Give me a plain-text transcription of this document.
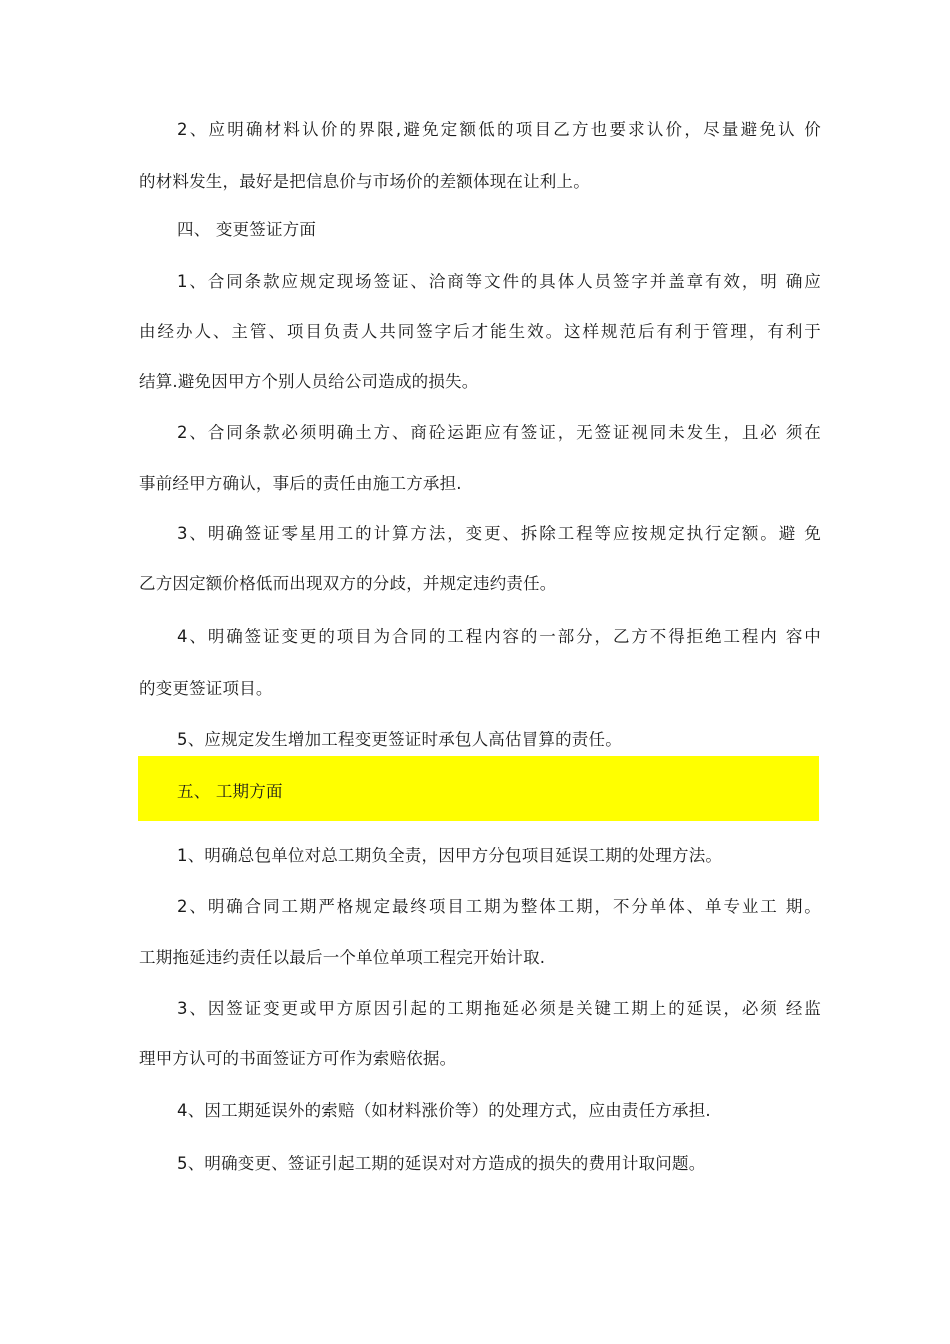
2、应明确材料认价的界限,避免定额低的项目乙方也要求认价，尽量避免认 价
的材料发生，最好是把信息价与市场价的差额体现在让利上。
四、 变更签证方面
1、合同条款应规定现场签证、洽商等文件的具体人员签字并盖章有效，明 确应
由经办人、主管、项目负责人共同签字后才能生效。这样规范后有利于管理，有利于
结算.避免因甲方个别人员给公司造成的损失。
2、合同条款必须明确土方、商砼运距应有签证，无签证视同未发生，且必 须在
事前经甲方确认，事后的责任由施工方承担.
3、明确签证零星用工的计算方法，变更、拆除工程等应按规定执行定额。避 免
乙方因定额价格低而出现双方的分歧，并规定违约责任。
4、明确签证变更的项目为合同的工程内容的一部分，乙方不得拒绝工程内 容中
的变更签证项目。
5、应规定发生增加工程变更签证时承包人高估冒算的责任。
五、 工期方面
1、明确总包单位对总工期负全责，因甲方分包项目延误工期的处理方法。
2、明确合同工期严格规定最终项目工期为整体工期，不分单体、单专业工 期。
工期拖延违约责任以最后一个单位单项工程完开始计取.
3、因签证变更或甲方原因引起的工期拖延必须是关键工期上的延误，必须 经监
理甲方认可的书面签证方可作为索赔依据。
4、因工期延误外的索赔（如材料涨价等）的处理方式，应由责任方承担.
5、明确变更、签证引起工期的延误对对方造成的损失的费用计取问题。
